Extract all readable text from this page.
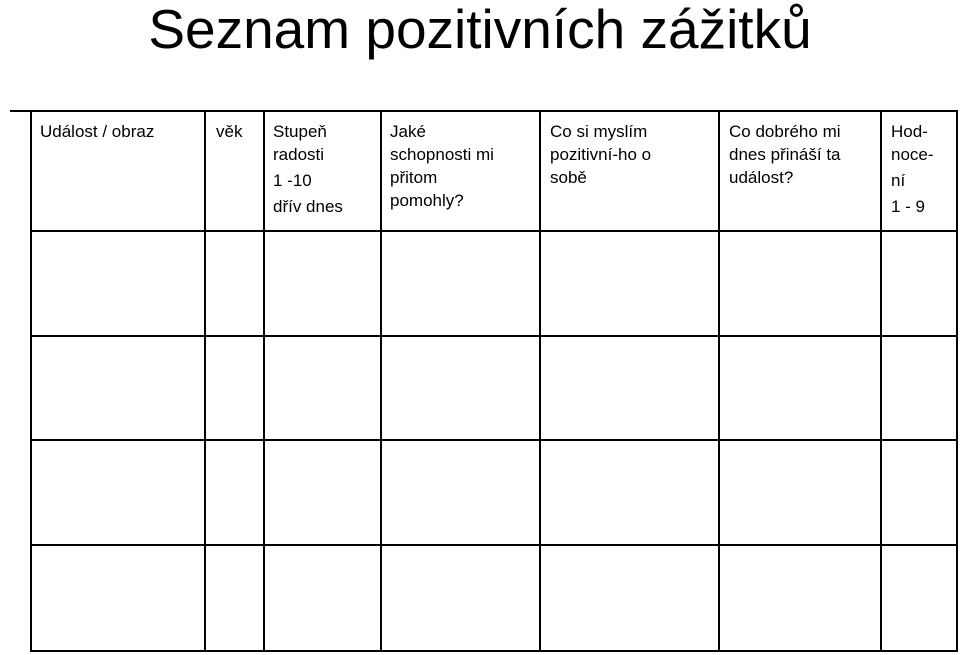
Seznam pozitivních zážitků
Událost / obraz	věk Stupeň
radosti
1 -10
dřív dnes
Jaké
schopnosti mi
přitom
pomohly?
Co si myslím
pozitivní-ho o
sobě
Co dobrého mi
dnes přináší ta
událost?
Hod-
noce-
ní
1 - 9
